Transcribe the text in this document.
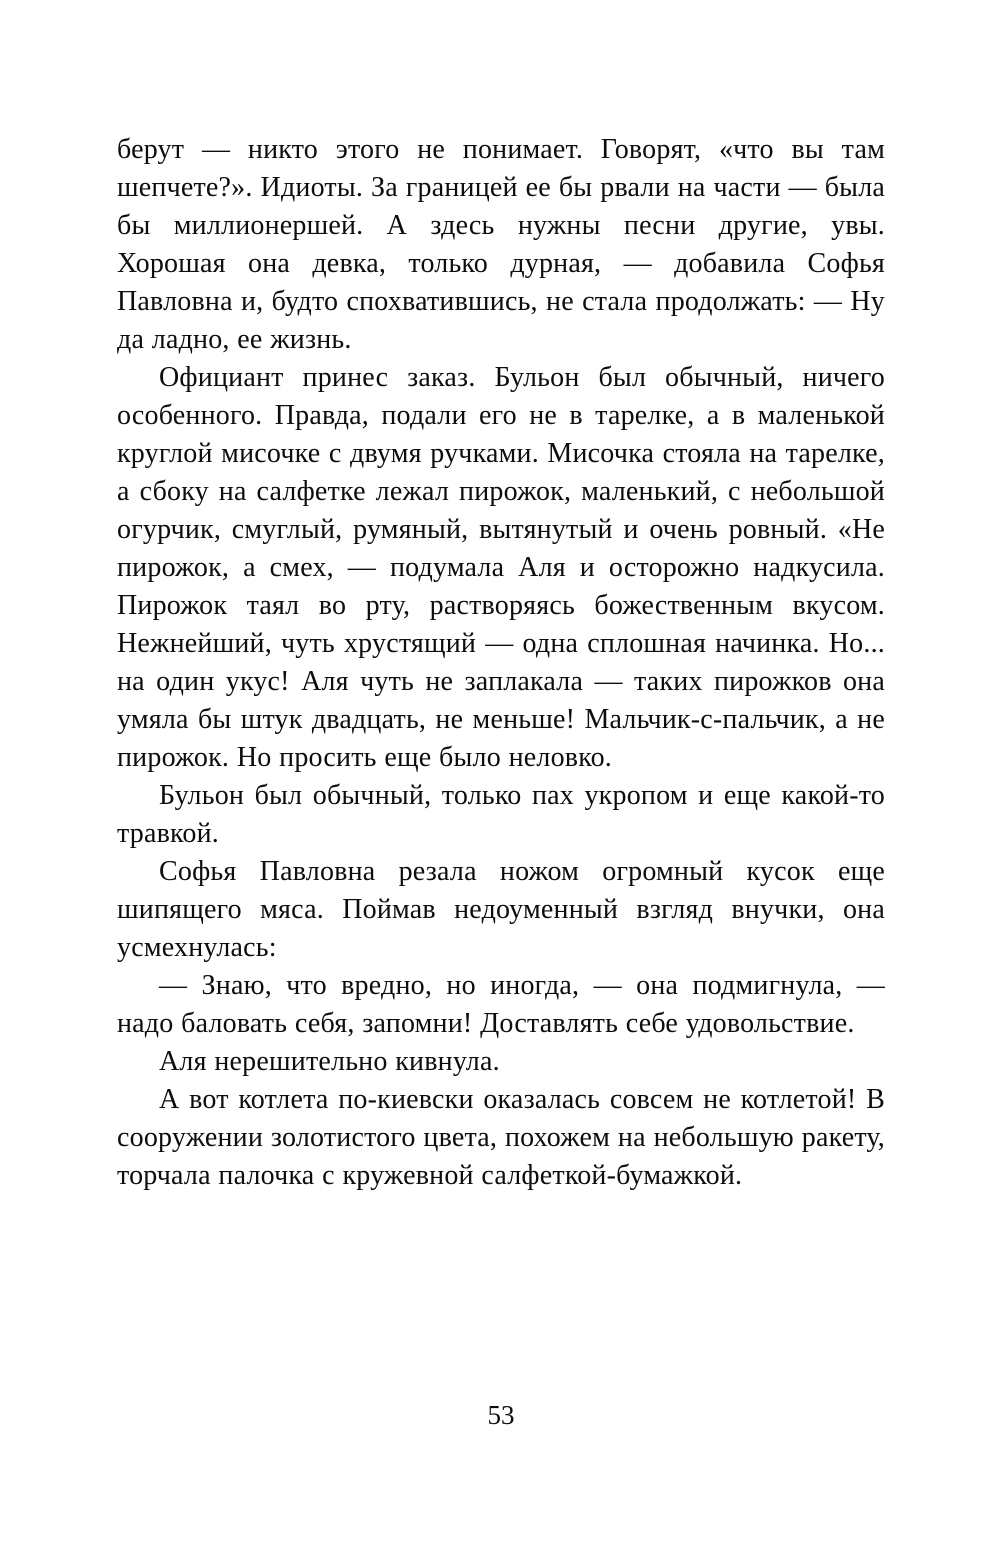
берут — никто этого не понимает. Говорят, «что вы там шепчете?». Идиоты. За границей ее бы рвали на части — была бы миллионершей. А здесь нужны песни другие, увы. Хорошая она девка, только дурная, — добавила Софья Павловна и, будто спохватившись, не стала продолжать: — Ну да ладно, ее жизнь.

Официант принес заказ. Бульон был обычный, ничего особенного. Правда, подали его не в тарелке, а в маленькой круглой мисочке с двумя ручками. Мисочка стояла на тарелке, а сбоку на салфетке лежал пирожок, маленький, с небольшой огурчик, смуглый, румяный, вытянутый и очень ровный. «Не пирожок, а смех, — подумала Аля и осторожно надкусила. Пирожок таял во рту, растворяясь божественным вкусом. Нежнейший, чуть хрустящий — одна сплошная начинка. Но... на один укус! Аля чуть не заплакала — таких пирожков она умяла бы штук двадцать, не меньше! Мальчик-с-пальчик, а не пирожок. Но просить еще было неловко.

Бульон был обычный, только пах укропом и еще какой-то травкой.

Софья Павловна резала ножом огромный кусок еще шипящего мяса. Поймав недоуменный взгляд внучки, она усмехнулась:

— Знаю, что вредно, но иногда, — она подмигнула, — надо баловать себя, запомни! Доставлять себе удовольствие.

Аля нерешительно кивнула.

А вот котлета по-киевски оказалась совсем не котлетой! В сооружении золотистого цвета, похожем на небольшую ракету, торчала палочка с кружевной салфеткой-бумажкой.

53
